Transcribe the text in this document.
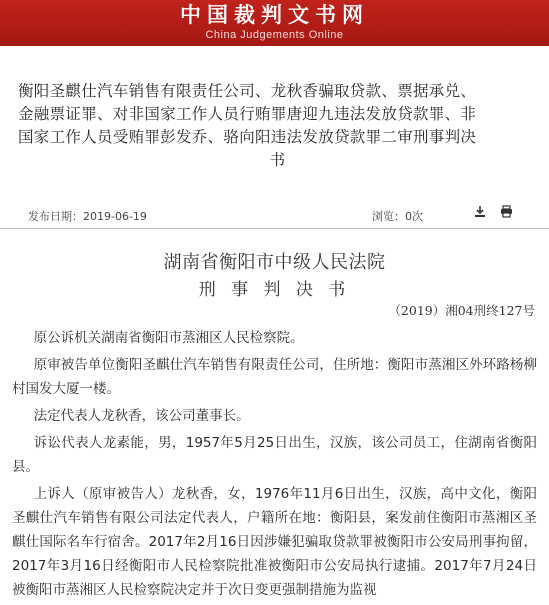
中国裁判文书网
China Judgements Online
衡阳圣麒仕汽车销售有限责任公司、龙秋香骗取贷款、票据承兑、
金融票证罪、对非国家工作人员行贿罪唐迎九违法发放贷款罪、非
国家工作人员受贿罪彭发乔、骆向阳违法发放贷款罪二审刑事判决

书
发布日期：2019-06-19	浏览：0次

湖南省衡阳市中级人民法院
刑 事 判 决 书
（2019）湘04刑终127号

原公诉机关湖南省衡阳市蒸湘区人民检察院。

原审被告单位衡阳圣麒仕汽车销售有限责任公司，住所地：衡阳市蒸湘区外环路杨柳村国发大厦一楼。

法定代表人龙秋香，该公司董事长。

诉讼代表人龙素能，男，1957年5月25日出生，汉族，该公司员工，住湖南省衡阳县。

上诉人（原审被告人）龙秋香，女，1976年11月6日出生，汉族，高中文化，衡阳圣麒仕汽车销售有限公司法定代表人，户籍所在地：衡阳县，案发前住衡阳市蒸湘区圣麒仕国际名车行宿舍。2017年2月16日因涉嫌犯骗取贷款罪被衡阳市公安局刑事拘留，2017年3月16日经衡阳市人民检察院批准被衡阳市公安局执行逮捕。2017年7月24日被衡阳市蒸湘区人民检察院决定并于次日变更强制措施为监视
